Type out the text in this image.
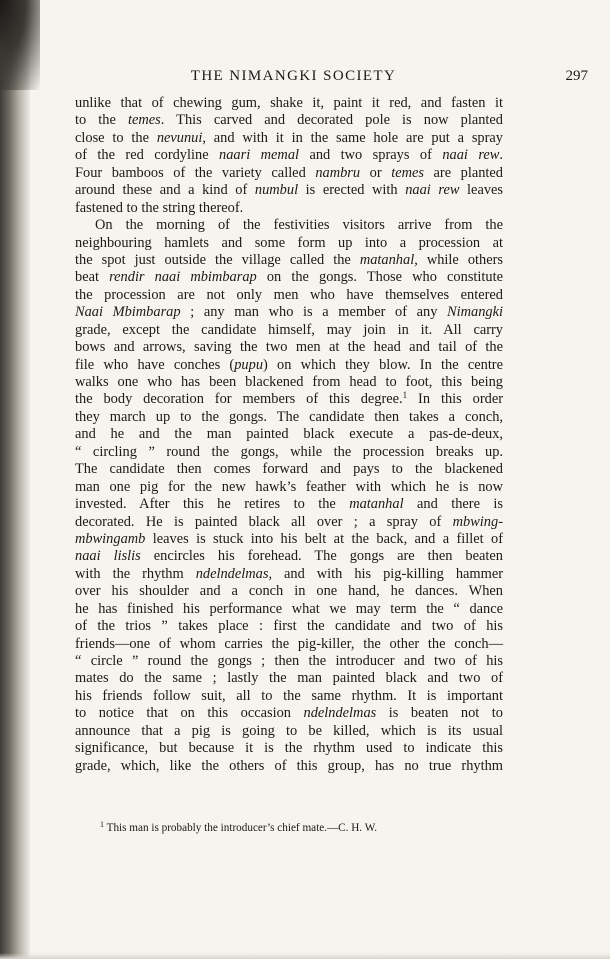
THE NIMANGKI SOCIETY	297
unlike that of chewing gum, shake it, paint it red, and fasten it
to the temes. This carved and decorated pole is now planted
close to the nevunui, and with it in the same hole are put a spray
of the red cordyline naari memal and two sprays of naai rew.
Four bamboos of the variety called nambru or temes are planted
around these and a kind of numbul is erected with naai rew leaves
fastened to the string thereof.
On the morning of the festivities visitors arrive from the
neighbouring hamlets and some form up into a procession at
the spot just outside the village called the matanhal, while others
beat rendir naai mbimbarap on the gongs. Those who constitute
the procession are not only men who have themselves entered
Naai Mbimbarap ; any man who is a member of any Nimangki
grade, except the candidate himself, may join in it. All carry
bows and arrows, saving the two men at the head and tail of the
file who have conches (pupu) on which they blow. In the centre
walks one who has been blackened from head to foot, this being
the body decoration for members of this degree.$^1$ In this order
they march up to the gongs. The candidate then takes a conch,
and he and the man painted black execute a pas-de-deux,
“ circling ” round the gongs, while the procession breaks up.
The candidate then comes forward and pays to the blackened
man one pig for the new hawk’s feather with which he is now
invested. After this he retires to the matanhal and there is
decorated. He is painted black all over ; a spray of mbwing-
mbwingamb leaves is stuck into his belt at the back, and a fillet of
naai lislis encircles his forehead. The gongs are then beaten
with the rhythm ndelndelmas, and with his pig-killing hammer
over his shoulder and a conch in one hand, he dances. When
he has finished his performance what we may term the “ dance
of the trios ” takes place : first the candidate and two of his
friends—one of whom carries the pig-killer, the other the conch—
“ circle ” round the gongs ; then the introducer and two of his
mates do the same ; lastly the man painted black and two of
his friends follow suit, all to the same rhythm. It is important
to notice that on this occasion ndelndelmas is beaten not to
announce that a pig is going to be killed, which is its usual
significance, but because it is the rhythm used to indicate this
grade, which, like the others of this group, has no true rhythm
$^1$ This man is probably the introducer’s chief mate.—C. H. W.
